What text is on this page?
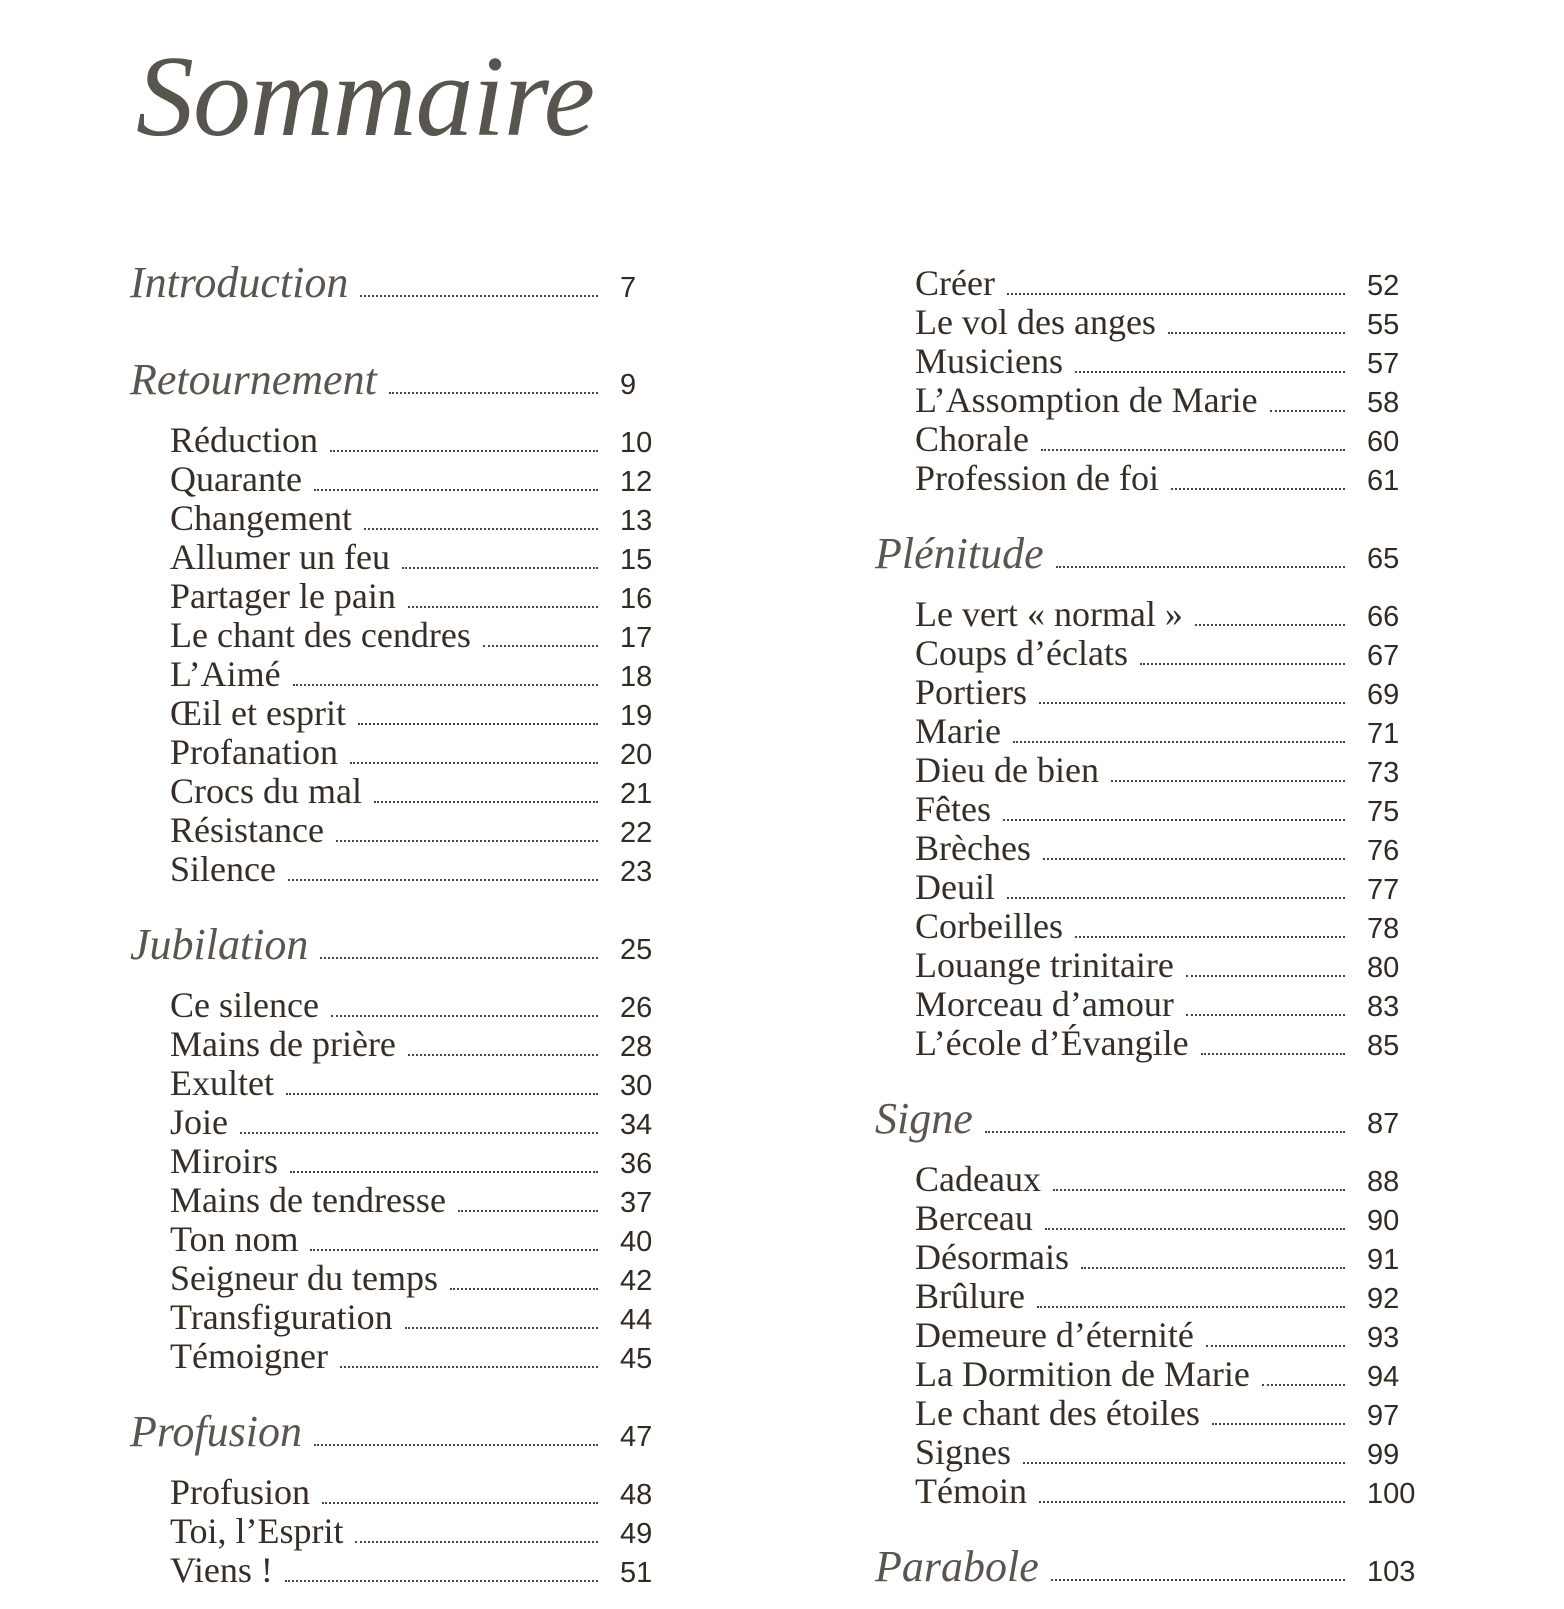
Sommaire
Introduction	7
Retournement	9
Réduction	10
Quarante	12
Changement	13
Allumer un feu	15
Partager le pain	16
Le chant des cendres	17
L’Aimé	18
Œil et esprit	19
Profanation	20
Crocs du mal	21
Résistance	22
Silence	23
Jubilation	25
Ce silence	26
Mains de prière	28
Exultet	30
Joie	34
Miroirs	36
Mains de tendresse	37
Ton nom	40
Seigneur du temps	42
Transfiguration	44
Témoigner	45
Profusion	47
Profusion	48
Toi, l’Esprit	49
Viens !	51
Créer	52
Le vol des anges	55
Musiciens	57
L’Assomption de Marie	58
Chorale	60
Profession de foi	61
Plénitude	65
Le vert « normal »	66
Coups d’éclats	67
Portiers	69
Marie	71
Dieu de bien	73
Fêtes	75
Brèches	76
Deuil	77
Corbeilles	78
Louange trinitaire	80
Morceau d’amour	83
L’école d’Évangile	85
Signe	87
Cadeaux	88
Berceau	90
Désormais	91
Brûlure	92
Demeure d’éternité	93
La Dormition de Marie	94
Le chant des étoiles	97
Signes	99
Témoin	100
Parabole	103
